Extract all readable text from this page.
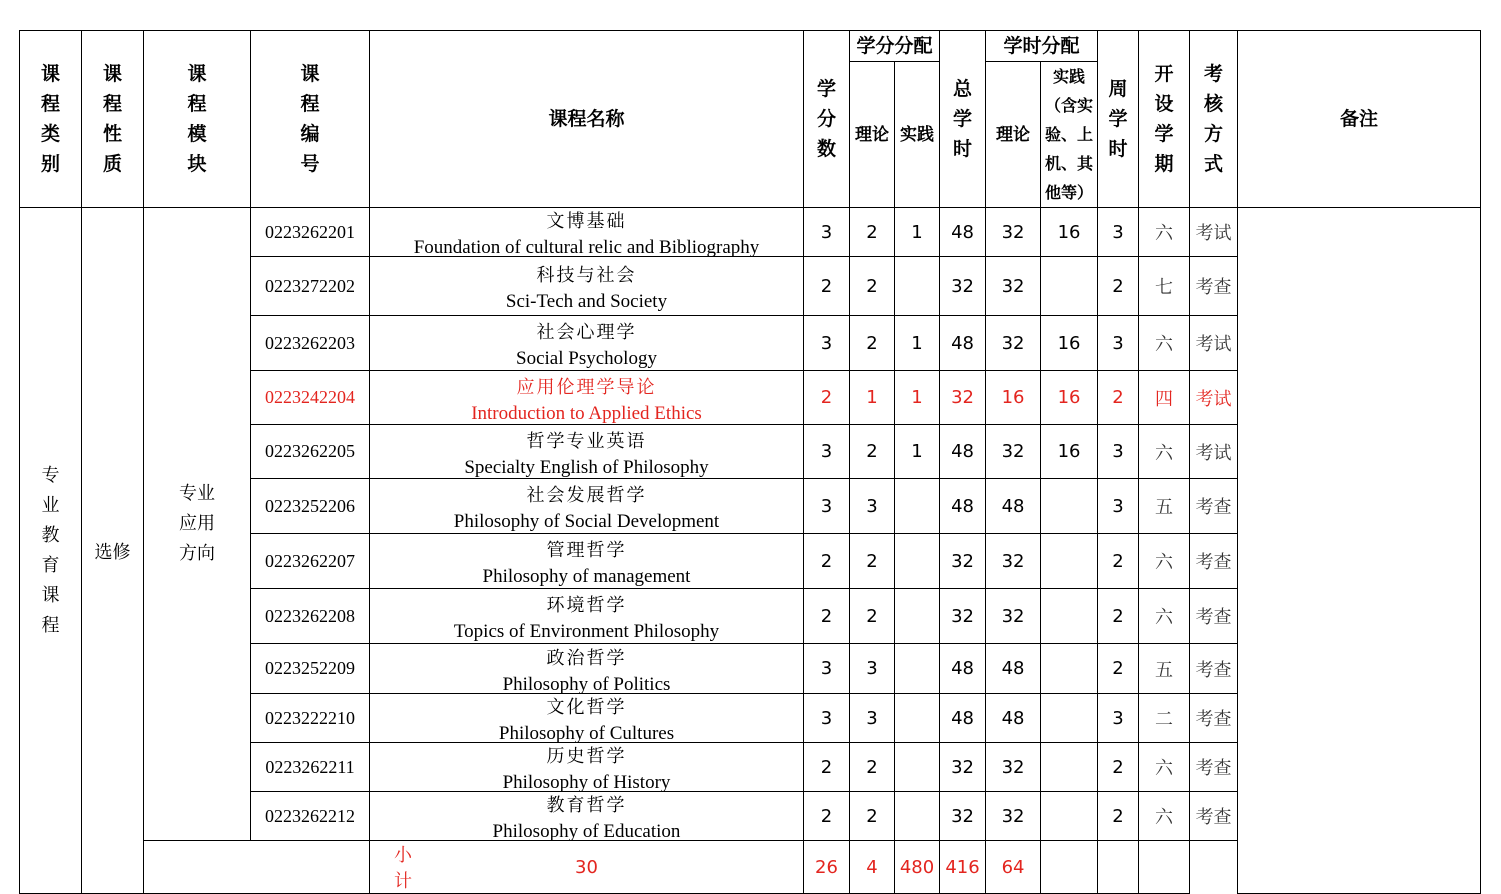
课程类别	课程性质	课程模块	课程编号	课程名称	学分数	学分分配		总学时	学时分配		周学时	开设学期	考核方式	备注
						理论	实践		理论	实践（含实验、上机、其他等）				
专业教育课程	选修	专业应用方向	0223262201	文博基础
Foundation of cultural relic and Bibliography	3	2	1	48	32	16	3	六	考试	
			0223272202	科技与社会
Sci-Tech and Society	2	2		32	32		2	七	考查	
			0223262203	社会心理学
Social Psychology	3	2	1	48	32	16	3	六	考试	
			0223242204	应用伦理学导论
Introduction to Applied Ethics	2	1	1	32	16	16	2	四	考试	
			0223262205	哲学专业英语
Specialty English of Philosophy	3	2	1	48	32	16	3	六	考试	
			0223252206	社会发展哲学
Philosophy of Social Development	3	3		48	48		3	五	考查	
			0223262207	管理哲学
Philosophy of management	2	2		32	32		2	六	考查	
			0223262208	环境哲学
Topics of Environment Philosophy	2	2		32	32		2	六	考查	
			0223252209	政治哲学
Philosophy of Politics	3	3		48	48		2	五	考查	
			0223222210	文化哲学
Philosophy of Cultures	3	3		48	48		3	二	考查	
			0223262211	历史哲学
Philosophy of History	2	2		32	32		2	六	考查	
			0223262212	教育哲学
Philosophy of Education	2	2		32	32		2	六	考查	
		小计		30	26	4	480	416	64					
